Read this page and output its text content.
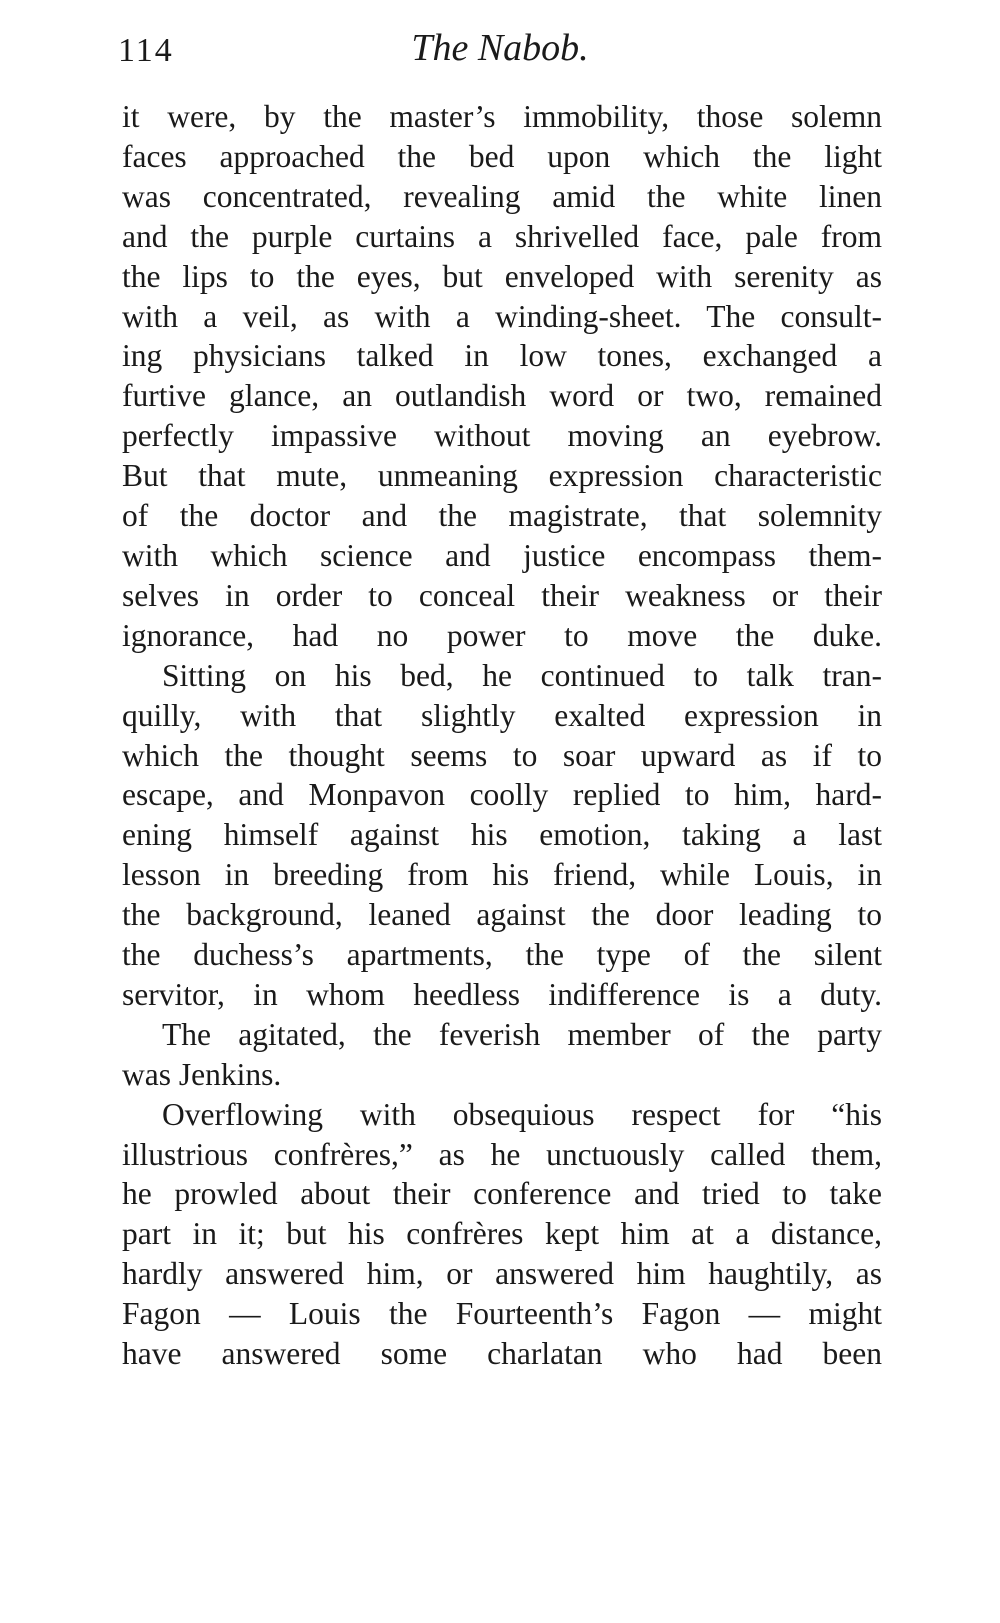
114	The Nabob.

it were, by the master’s immobility, those solemn
faces approached the bed upon which the light
was concentrated, revealing amid the white linen
and the purple curtains a shrivelled face, pale from
the lips to the eyes, but enveloped with serenity as
with a veil, as with a winding-sheet. The consult-
ing physicians talked in low tones, exchanged a
furtive glance, an outlandish word or two, remained
perfectly impassive without moving an eyebrow.
But that mute, unmeaning expression characteristic
of the doctor and the magistrate, that solemnity
with which science and justice encompass them-
selves in order to conceal their weakness or their
ignorance, had no power to move the duke.

Sitting on his bed, he continued to talk tran-
quilly, with that slightly exalted expression in
which the thought seems to soar upward as if to
escape, and Monpavon coolly replied to him, hard-
ening himself against his emotion, taking a last
lesson in breeding from his friend, while Louis, in
the background, leaned against the door leading to
the duchess’s apartments, the type of the silent
servitor, in whom heedless indifference is a duty.

The agitated, the feverish member of the party
was Jenkins.

Overflowing with obsequious respect for “his
illustrious confrères,” as he unctuously called them,
he prowled about their conference and tried to take
part in it; but his confrères kept him at a distance,
hardly answered him, or answered him haughtily, as
Fagon — Louis the Fourteenth’s Fagon — might
have answered some charlatan who had been
